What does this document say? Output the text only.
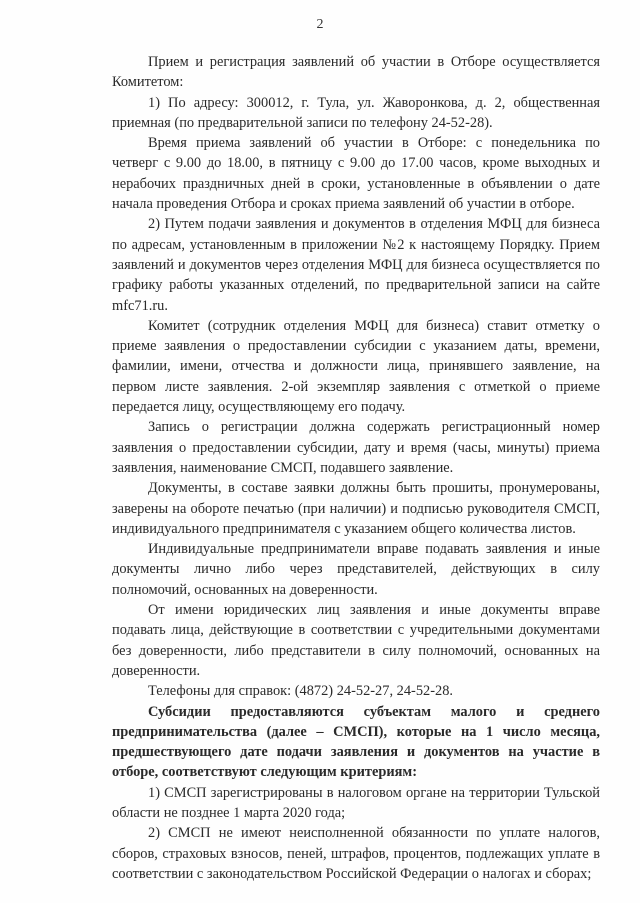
2

Прием и регистрация заявлений об участии в Отборе осуществляется Комитетом:

1) По адресу: 300012, г. Тула, ул. Жаворонкова, д. 2, общественная приемная (по предварительной записи по телефону 24-52-28).

Время приема заявлений об участии в Отборе: с понедельника по четверг с 9.00 до 18.00, в пятницу с 9.00 до 17.00 часов, кроме выходных и нерабочих праздничных дней в сроки, установленные в объявлении о дате начала проведения Отбора и сроках приема заявлений об участии в отборе.

2) Путем подачи заявления и документов в отделения МФЦ для бизнеса по адресам, установленным в приложении №2 к настоящему Порядку. Прием заявлений и документов через отделения МФЦ для бизнеса осуществляется по графику работы указанных отделений, по предварительной записи на сайте mfc71.ru.

Комитет (сотрудник отделения МФЦ для бизнеса) ставит отметку о приеме заявления о предоставлении субсидии с указанием даты, времени, фамилии, имени, отчества и должности лица, принявшего заявление, на первом листе заявления. 2-ой экземпляр заявления с отметкой о приеме передается лицу, осуществляющему его подачу.

Запись о регистрации должна содержать регистрационный номер заявления о предоставлении субсидии, дату и время (часы, минуты) приема заявления, наименование СМСП, подавшего заявление.

Документы, в составе заявки должны быть прошиты, пронумерованы, заверены на обороте печатью (при наличии) и подписью руководителя СМСП, индивидуального предпринимателя с указанием общего количества листов.

Индивидуальные предприниматели вправе подавать заявления и иные документы лично либо через представителей, действующих в силу полномочий, основанных на доверенности.

От имени юридических лиц заявления и иные документы вправе подавать лица, действующие в соответствии с учредительными документами без доверенности, либо представители в силу полномочий, основанных на доверенности.

Телефоны для справок: (4872) 24-52-27, 24-52-28.

Субсидии предоставляются субъектам малого и среднего предпринимательства (далее – СМСП), которые на 1 число месяца, предшествующего дате подачи заявления и документов на участие в отборе, соответствуют следующим критериям:

1) СМСП зарегистрированы в налоговом органе на территории Тульской области не позднее 1 марта 2020 года;

2) СМСП не имеют неисполненной обязанности по уплате налогов, сборов, страховых взносов, пеней, штрафов, процентов, подлежащих уплате в соответствии с законодательством Российской Федерации о налогах и сборах;
